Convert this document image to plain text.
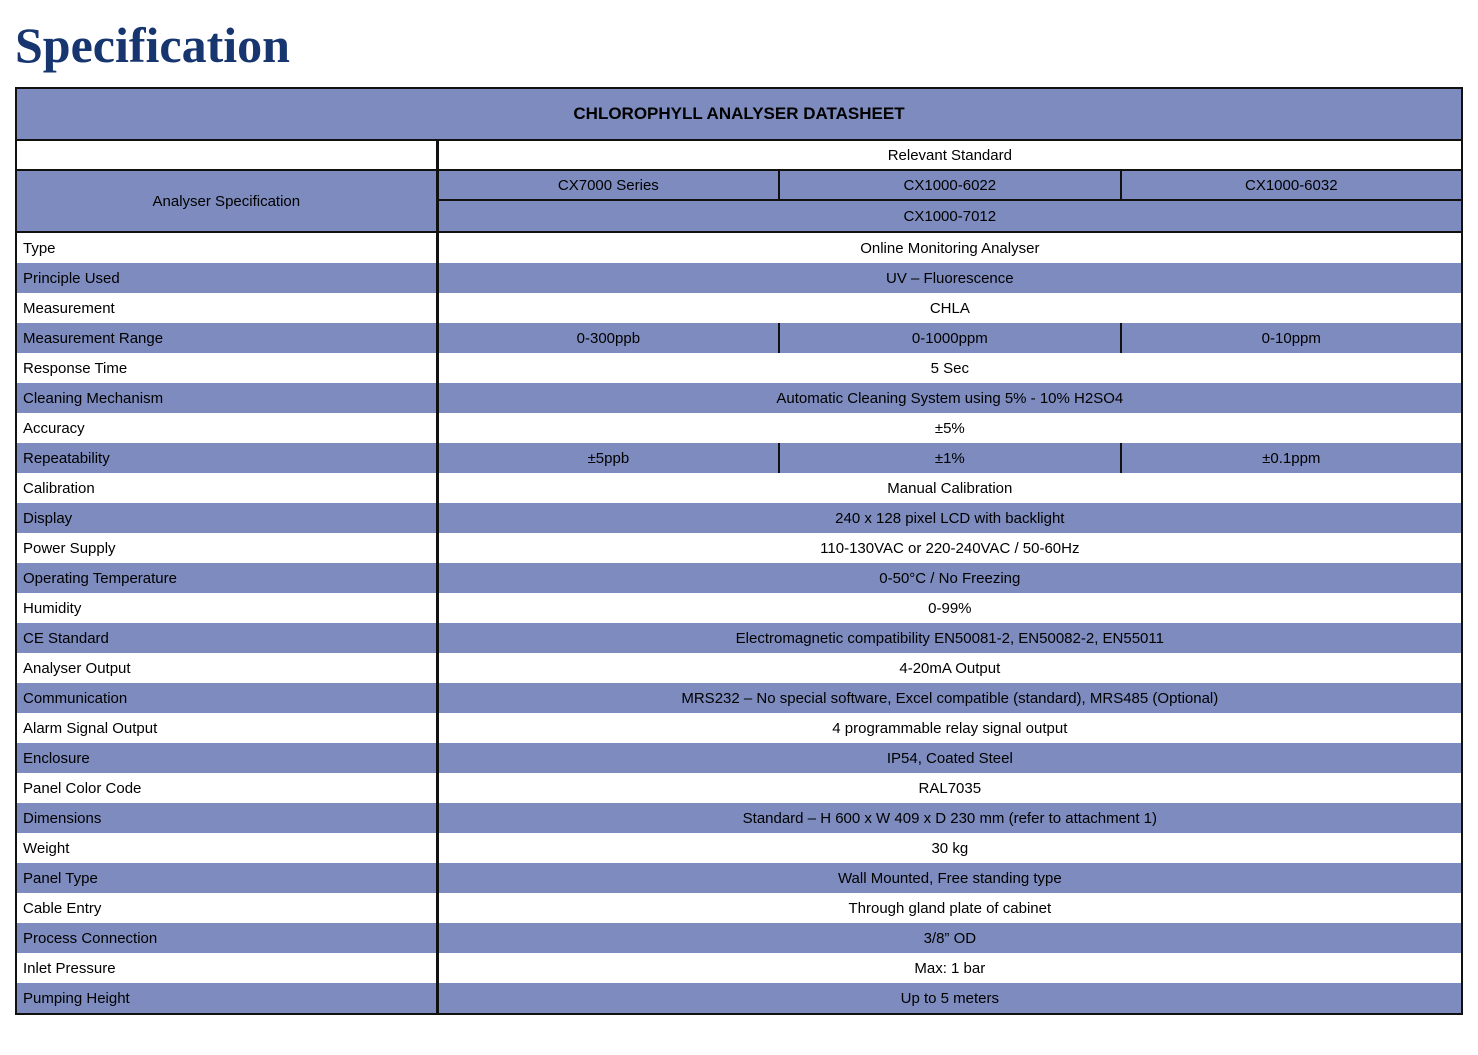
Specification
CHLOROPHYLL ANALYSER DATASHEET
Relevant Standard
Analyser Specification
CX7000 Series	CX1000-6022	CX1000-6032
CX1000-7012
Type	Online Monitoring Analyser
Principle Used	UV – Fluorescence
Measurement	CHLA
Measurement Range	0-300ppb	0-1000ppm	0-10ppm
Response Time	5 Sec
Cleaning Mechanism	Automatic Cleaning System using 5% - 10% H2SO4
Accuracy	±5%
Repeatability	±5ppb	±1%	±0.1ppm
Calibration	Manual Calibration
Display	240 x 128 pixel LCD with backlight
Power Supply	110-130VAC or 220-240VAC / 50-60Hz
Operating Temperature	0-50°C / No Freezing
Humidity	0-99%
CE Standard	Electromagnetic compatibility EN50081-2, EN50082-2, EN55011
Analyser Output	4-20mA Output
Communication	MRS232 – No special software, Excel compatible (standard), MRS485 (Optional)
Alarm Signal Output	4 programmable relay signal output
Enclosure	IP54, Coated Steel
Panel Color Code	RAL7035
Dimensions	Standard – H 600 x W 409 x D 230 mm (refer to attachment 1)
Weight	30 kg
Panel Type	Wall Mounted, Free standing type
Cable Entry	Through gland plate of cabinet
Process Connection	3/8” OD
Inlet Pressure	Max: 1 bar
Pumping Height	Up to 5 meters
